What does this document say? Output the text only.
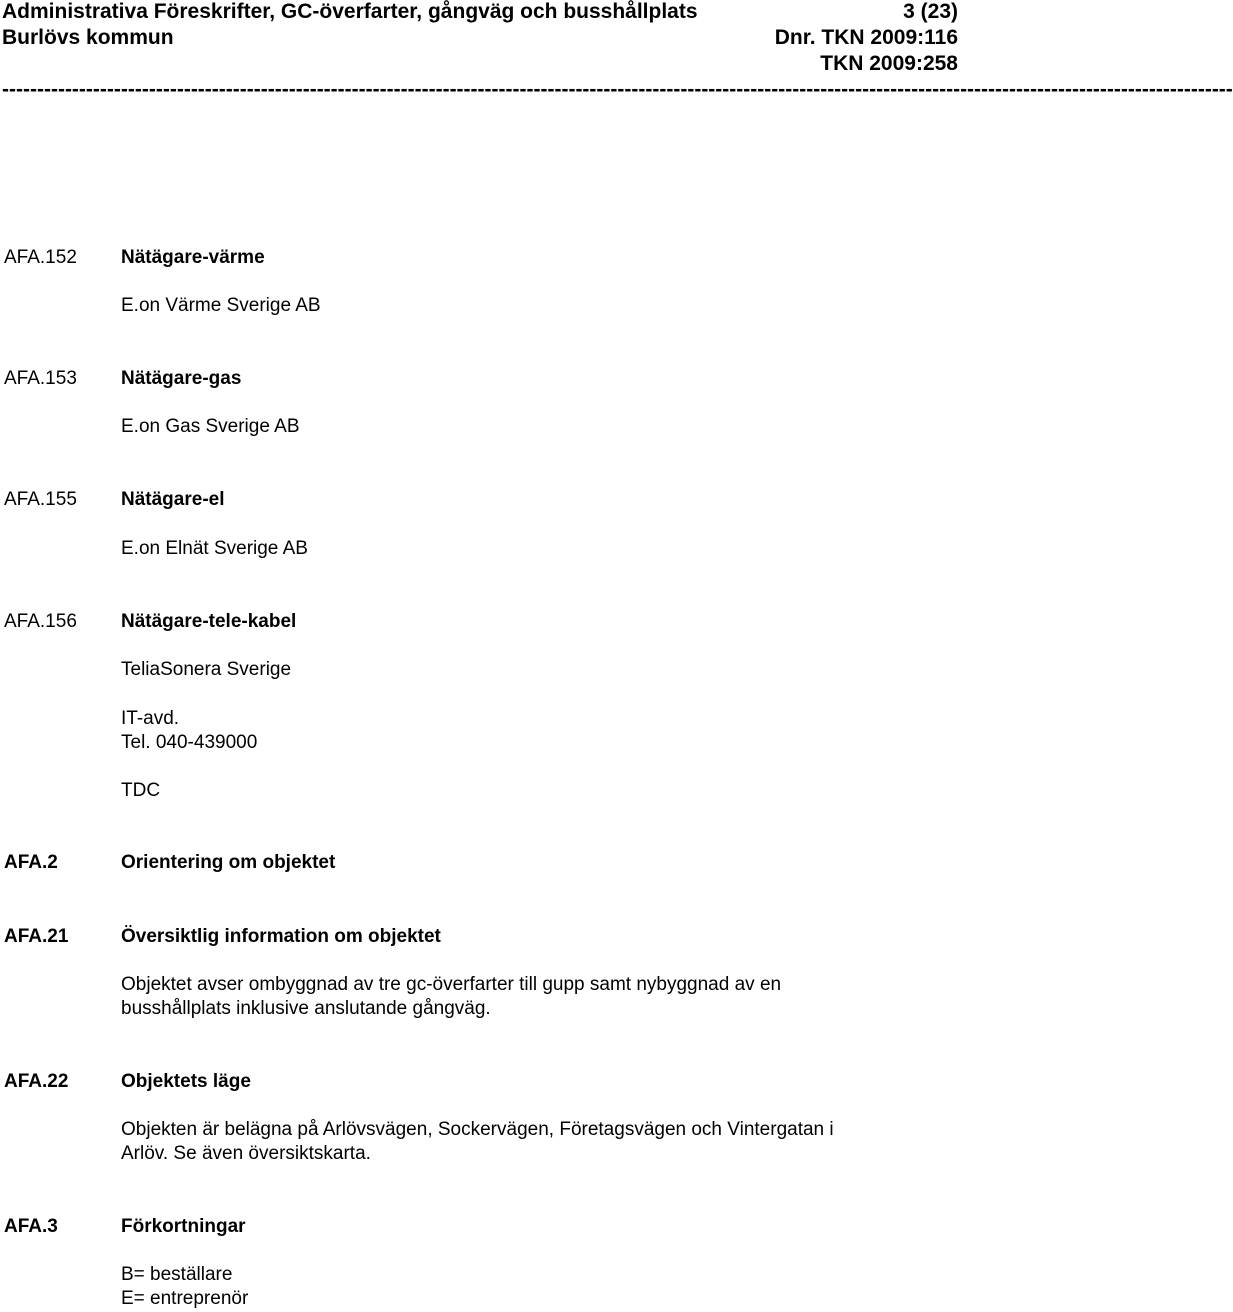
Administrativa Föreskrifter, GC-överfarter, gångväg och busshållplats	3 (23)
Burlövs kommun	Dnr. TKN 2009:116
TKN 2009:258
--------------------------------------------------------------------------------------------------------------------------------------------------------------------------------
AFA.152 Nätägare-värme
E.on Värme Sverige AB
AFA.153 Nätägare-gas
E.on Gas Sverige AB
AFA.155 Nätägare-el
E.on Elnät Sverige AB
AFA.156 Nätägare-tele-kabel
TeliaSonera Sverige
IT-avd.
Tel. 040-439000
TDC
AFA.2	Orientering om objektet
AFA.21	Översiktlig information om objektet
Objektet avser ombyggnad av tre gc-överfarter till gupp samt nybyggnad av en
busshållplats inklusive anslutande gångväg.
AFA.22	Objektets läge
Objekten är belägna på Arlövsvägen, Sockervägen, Företagsvägen och Vintergatan i
Arlöv. Se även översiktskarta.
AFA.3	Förkortningar
B= beställare
E= entreprenör
